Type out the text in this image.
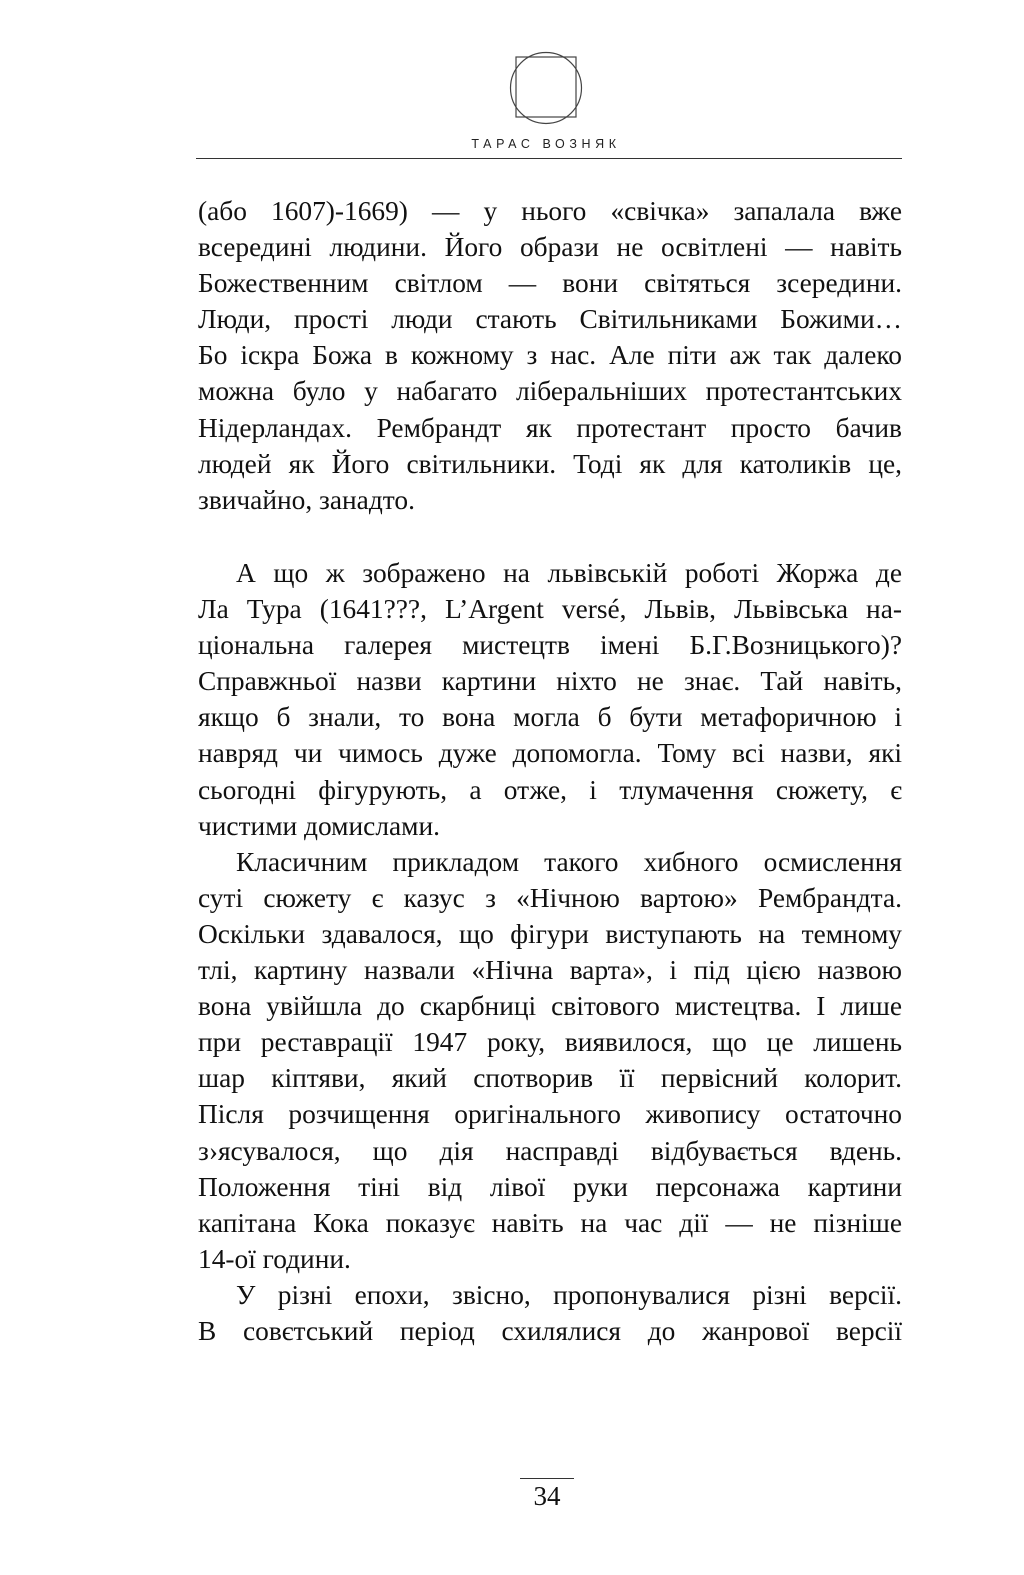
ТАРАС ВОЗНЯК
(або 1607)-1669) — у нього «свічка» запалала вже
всередині людини. Його образи не освітлені — навіть
Божественним світлом — вони світяться зсередини.
Люди, прості люди стають Світильниками Божими…
Бо іскра Божа в кожному з нас. Але піти аж так далеко
можна було у набагато ліберальніших протестантських
Нідерландах. Рембрандт як протестант просто бачив
людей як Його світильники. Тоді як для католиків це,
звичайно, занадто.
А що ж зображено на львівській роботі Жоржа де
Ла Тура (1641???, L’Argent versé, Львів, Львівська на-
ціональна галерея мистецтв імені Б.Г.Возницького)?
Справжньої назви картини ніхто не знає. Тай навіть,
якщо б знали, то вона могла б бути метафоричною і
навряд чи чимось дуже допомогла. Тому всі назви, які
сьогодні фігурують, а отже, і тлумачення сюжету, є
чистими домислами.
Класичним прикладом такого хибного осмислення
суті сюжету є казус з «Нічною вартою» Рембрандта.
Оскільки здавалося, що фігури виступають на темному
тлі, картину назвали «Нічна варта», і під цією назвою
вона увійшла до скарбниці світового мистецтва. І лише
при реставрації 1947 року, виявилося, що це лишень
шар кіптяви, який спотворив її первісний колорит.
Після розчищення оригінального живопису остаточно
з›ясувалося, що дія насправді відбувається вдень.
Положення тіні від лівої руки персонажа картини
капітана Кока показує навіть на час дії — не пізніше
14-ої години.
У різні епохи, звісно, пропонувалися різні версії.
В совєтський період схилялися до жанрової версії
34
